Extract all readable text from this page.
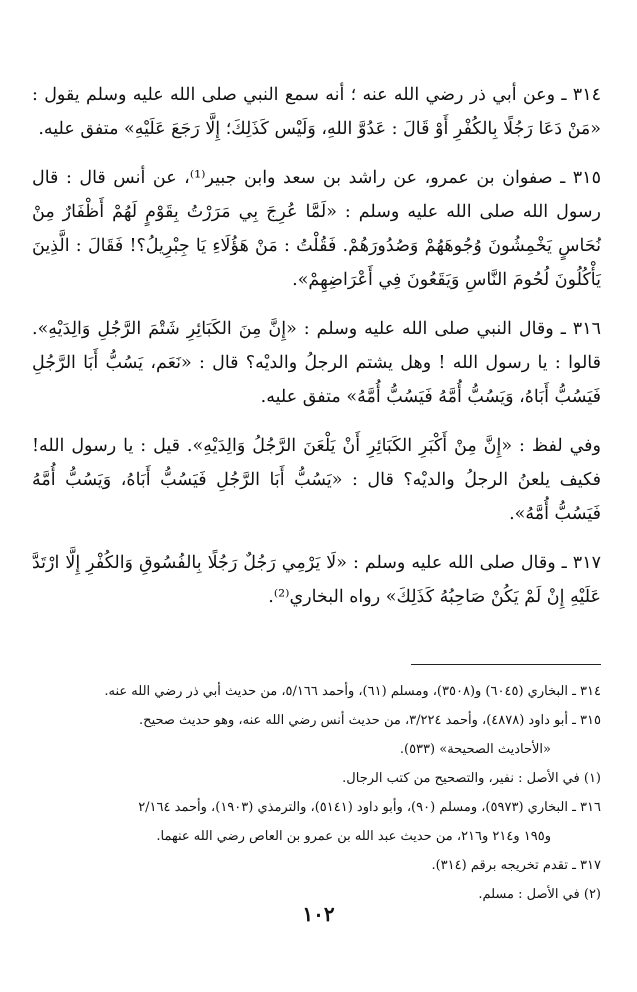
٣١٤ ـ وعن أبي ذر رضي الله عنه ؛ أنه سمع النبي صلى الله عليه وسلم يقول : «مَنْ دَعَا رَجُلًا بِالكُفْرِ أَوْ قَالَ : عَدُوَّ اللهِ، وَلَيْس كَذَلِكَ؛ إِلَّا رَجَعَ عَلَيْهِ» متفق عليه.

٣١٥ ـ صفوان بن عمرو، عن راشد بن سعد وابن جبير⁽¹⁾، عن أنس قال : قال رسول الله صلى الله عليه وسلم : «لَمَّا عُرِجَ بِي مَرَرْتُ بِقَوْمٍ لَهُمْ أَظْفَارٌ مِنْ نُحَاسٍ يَخْمِشُونَ وُجُوهَهُمْ وَصُدُورَهُمْ. فَقُلْتُ : مَنْ هَؤُلَاءِ يَا جِبْرِيلُ؟! فَقَالَ : الَّذِينَ يَأْكُلُونَ لُحُومَ النَّاسِ وَيَقَعُونَ فِي أَعْرَاضِهِمْ».

٣١٦ ـ وقال النبي صلى الله عليه وسلم : «إِنَّ مِنَ الكَبَائِرِ شَتْمَ الرَّجُلِ وَالِدَيْهِ». قالوا : يا رسول الله ! وهل يشتم الرجلُ والديْه؟ قال : «نَعَم، يَسُبُّ أَبَا الرَّجُلِ فَيَسُبُّ أَبَاهُ، وَيَسُبُّ أُمَّهُ فَيَسُبُّ أُمَّهُ» متفق عليه.

وفي لفظ : «إِنَّ مِنْ أَكْبَرِ الكَبَائِرِ أَنْ يَلْعَنَ الرَّجُلُ وَالِدَيْهِ». قيل : يا رسول الله! فكيف يلعنُ الرجلُ والديْه؟ قال : «يَسُبُّ أَبَا الرَّجُلِ فَيَسُبُّ أَبَاهُ، وَيَسُبُّ أُمَّهُ فَيَسُبُّ أُمَّهُ».

٣١٧ ـ وقال صلى الله عليه وسلم : «لَا يَرْمِي رَجُلٌ رَجُلًا بِالفُسُوقِ وَالكُفْرِ إِلَّا ارْتَدَّ عَلَيْهِ إِنْ لَمْ يَكُنْ صَاحِبُهُ كَذَلِكَ» رواه البخاري⁽²⁾.

٣١٤ ـ البخاري (٦٠٤٥) و(٣٥٠٨)، ومسلم (٦١)، وأحمد ٥/١٦٦، من حديث أبي ذر رضي الله عنه.
٣١٥ ـ أبو داود (٤٨٧٨)، وأحمد ٣/٢٢٤، من حديث أنس رضي الله عنه، وهو حديث صحيح.
«الأحاديث الصحيحة» (٥٣٣).
(١) في الأصل : نفير، والتصحيح من كتب الرجال.
٣١٦ ـ البخاري (٥٩٧٣)، ومسلم (٩٠)، وأبو داود (٥١٤١)، والترمذي (١٩٠٣)، وأحمد ٢/١٦٤
و١٩٥ و٢١٤ و٢١٦، من حديث عبد الله بن عمرو بن العاص رضي الله عنهما.
٣١٧ ـ تقدم تخريجه برقم (٣١٤).
(٢) في الأصل : مسلم.
١٠٢
